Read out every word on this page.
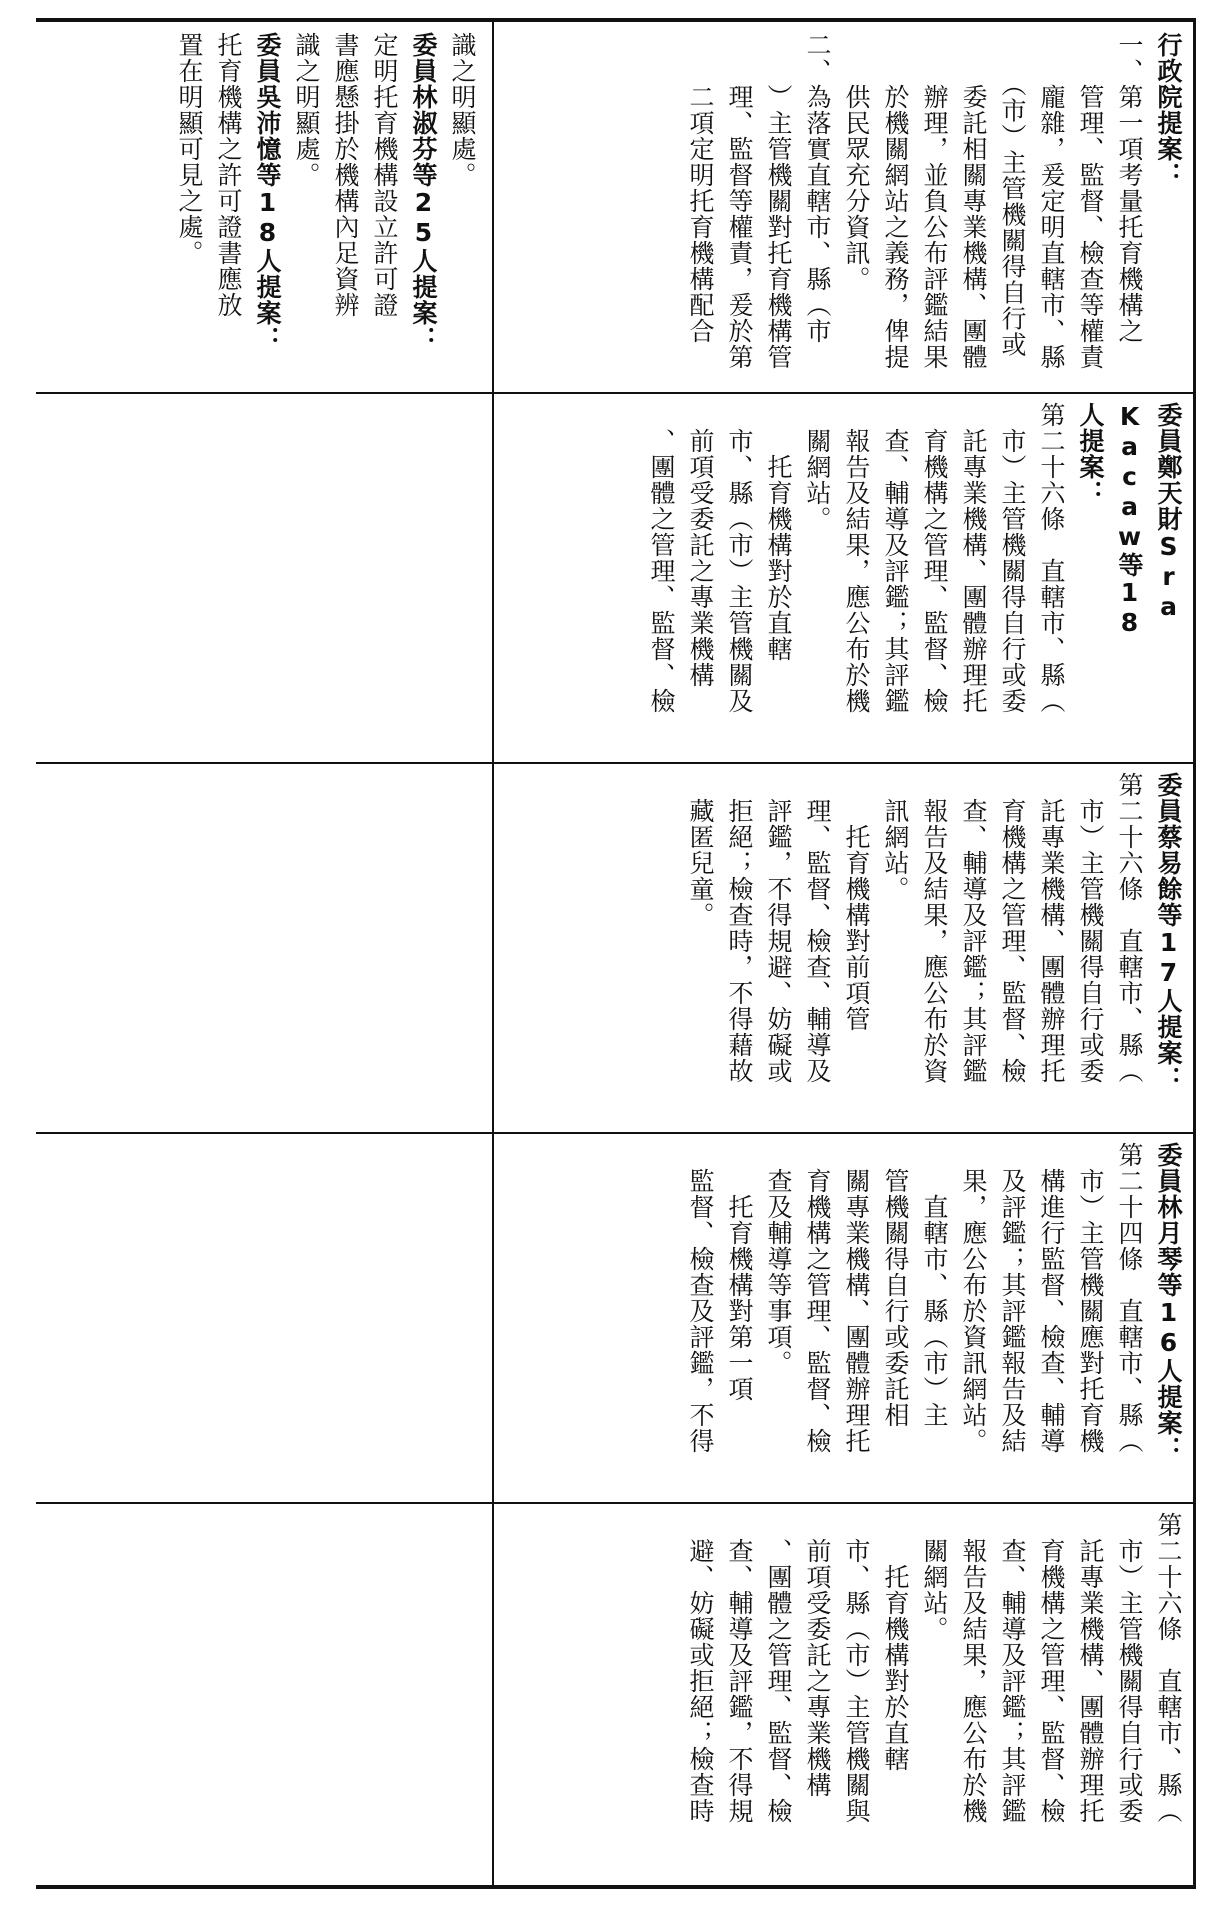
識之明顯處。
委員林淑芬等25人提案：
定明托育機構設立許可證
書應懸掛於機構內足資辨
識之明顯處。
委員吳沛憶等18人提案：
托育機構之許可證書應放
置在明顯可見之處。	行政院提案：
一、第一項考量托育機構之
　　管理、監督、檢查等權責
　　龐雜，爰定明直轄市、縣
　　（市）主管機關得自行或
　　委託相關專業機構、團體
　　辦理，並負公布評鑑結果
　　於機關網站之義務，俾提
　　供民眾充分資訊。
二、為落實直轄市、縣（市
　　）主管機關對托育機構管
　　理、監督等權責，爰於第
　　二項定明托育機構配合
委員鄭天財Sra Kacaw等18
人提案：
第二十六條　直轄市、縣（
　市）主管機關得自行或委
　託專業機構、團體辦理托
　育機構之管理、監督、檢
　查、輔導及評鑑；其評鑑
　報告及結果，應公布於機
　關網站。
　　托育機構對於直轄
　市、縣（市）主管機關及
　前項受委託之專業機構
　、團體之管理、監督、檢
委員蔡易餘等17人提案：
第二十六條　直轄市、縣（
　市）主管機關得自行或委
　託專業機構、團體辦理托
　育機構之管理、監督、檢
　查、輔導及評鑑；其評鑑
　報告及結果，應公布於資
　訊網站。
　　托育機構對前項管
　理、監督、檢查、輔導及
　評鑑，不得規避、妨礙或
　拒絕；檢查時，不得藉故
　藏匿兒童。
委員林月琴等16人提案：
第二十四條　直轄市、縣（
　市）主管機關應對托育機
　構進行監督、檢查、輔導
　及評鑑；其評鑑報告及結
　果，應公布於資訊網站。
　　直轄市、縣（市）主
　管機關得自行或委託相
　關專業機構、團體辦理托
　育機構之管理、監督、檢
　查及輔導等事項。
　　托育機構對第一項
　監督、檢查及評鑑，不得
第二十六條　直轄市、縣（
　市）主管機關得自行或委
　託專業機構、團體辦理托
　育機構之管理、監督、檢
　查、輔導及評鑑；其評鑑
　報告及結果，應公布於機
　關網站。
　　托育機構對於直轄
　市、縣（市）主管機關與
　前項受委託之專業機構
　、團體之管理、監督、檢
　查、輔導及評鑑，不得規
　避、妨礙或拒絕；檢查時
